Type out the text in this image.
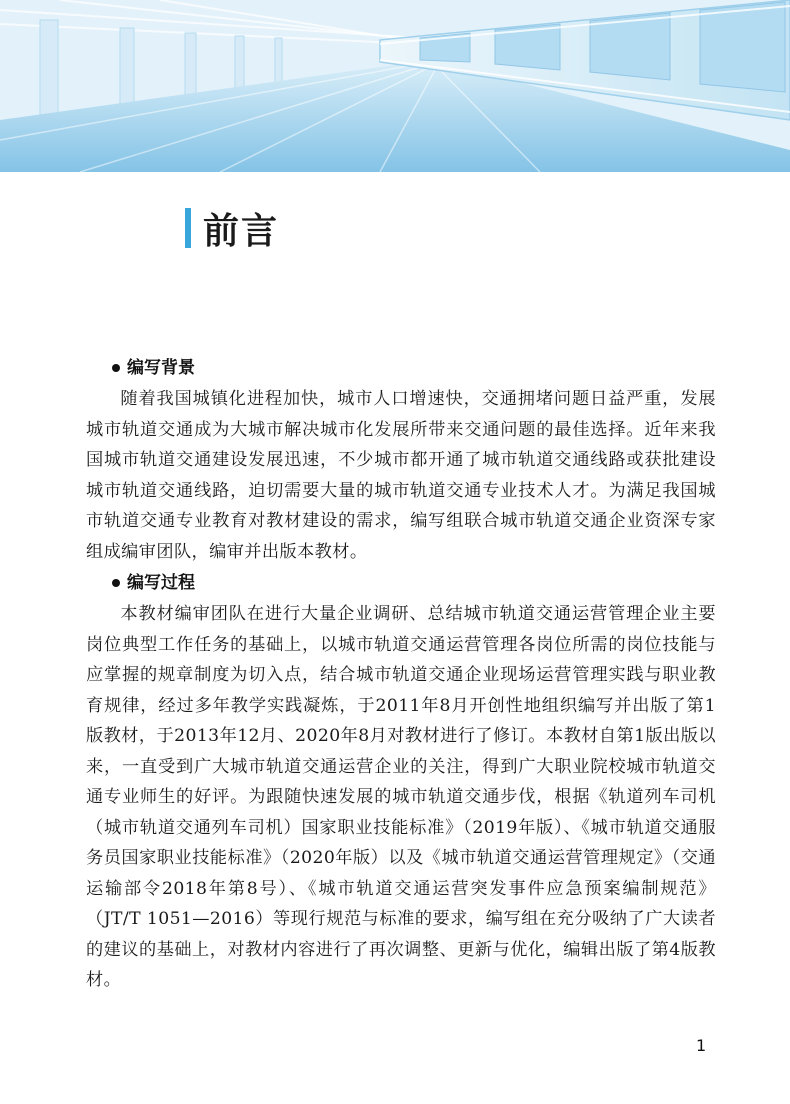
前言
编写背景

随着我国城镇化进程加快，城市人口增速快，交通拥堵问题日益严重，发展城市轨道交通成为大城市解决城市化发展所带来交通问题的最佳选择。近年来我国城市轨道交通建设发展迅速，不少城市都开通了城市轨道交通线路或获批建设城市轨道交通线路，迫切需要大量的城市轨道交通专业技术人才。为满足我国城市轨道交通专业教育对教材建设的需求，编写组联合城市轨道交通企业资深专家组成编审团队，编审并出版本教材。

编写过程

本教材编审团队在进行大量企业调研、总结城市轨道交通运营管理企业主要岗位典型工作任务的基础上，以城市轨道交通运营管理各岗位所需的岗位技能与应掌握的规章制度为切入点，结合城市轨道交通企业现场运营管理实践与职业教育规律，经过多年教学实践凝炼，于2011年8月开创性地组织编写并出版了第1版教材，于2013年12月、2020年8月对教材进行了修订。本教材自第1版出版以来，一直受到广大城市轨道交通运营企业的关注，得到广大职业院校城市轨道交通专业师生的好评。为跟随快速发展的城市轨道交通步伐，根据《轨道列车司机（城市轨道交通列车司机）国家职业技能标准》（2019年版）、《城市轨道交通服务员国家职业技能标准》（2020年版）以及《城市轨道交通运营管理规定》（交通运输部令2018年第8号）、《城市轨道交通运营突发事件应急预案编制规范》（JT/T 1051—2016）等现行规范与标准的要求，编写组在充分吸纳了广大读者的建议的基础上，对教材内容进行了再次调整、更新与优化，编辑出版了第4版教材。

1
